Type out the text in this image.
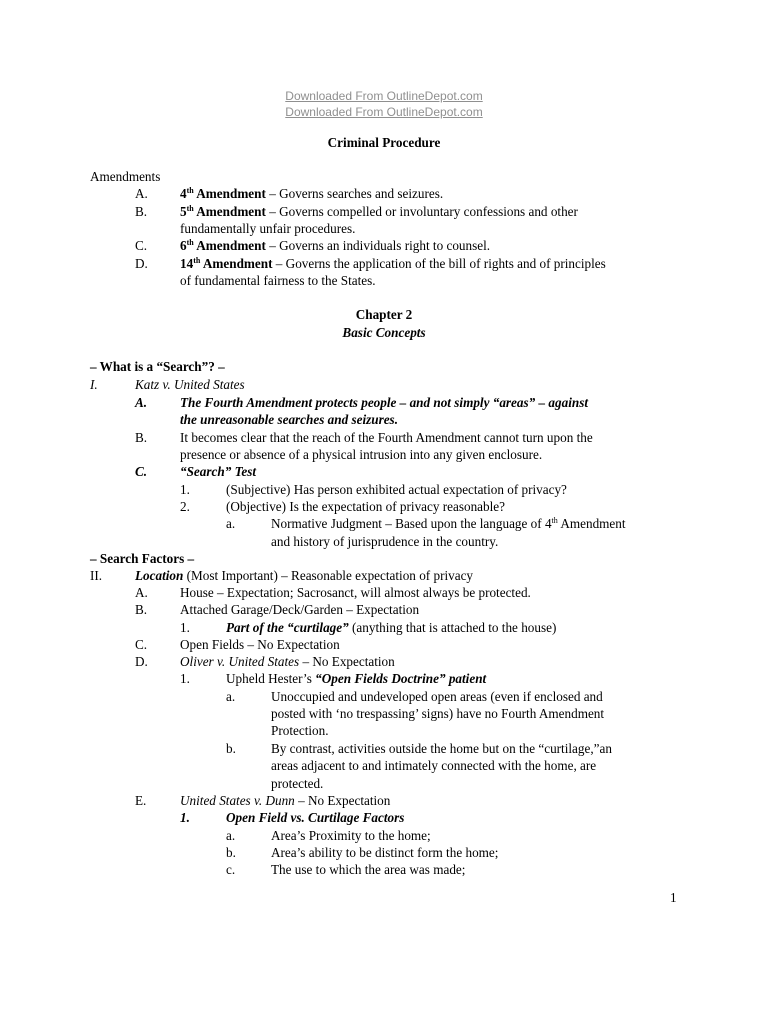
Downloaded From OutlineDepot.com
Downloaded From OutlineDepot.com
Criminal Procedure
Amendments
A. 4th Amendment – Governs searches and seizures.
B. 5th Amendment – Governs compelled or involuntary confessions and other
fundamentally unfair procedures.
C. 6th Amendment – Governs an individuals right to counsel.
D. 14th Amendment – Governs the application of the bill of rights and of principles
of fundamental fairness to the States.
Chapter 2
Basic Concepts
– What is a “Search”? –
I.	Katz v. United States
A. The Fourth Amendment protects people – and not simply “areas” – against
the unreasonable searches and seizures.
B. It becomes clear that the reach of the Fourth Amendment cannot turn upon the
presence or absence of a physical intrusion into any given enclosure.
C. “Search” Test
1.	(Subjective) Has person exhibited actual expectation of privacy?
2.	(Objective) Is the expectation of privacy reasonable?
a.	Normative Judgment – Based upon the language of 4th Amendment
and history of jurisprudence in the country.
– Search Factors –
II. Location (Most Important) – Reasonable expectation of privacy
A. House – Expectation; Sacrosanct, will almost always be protected.
B. Attached Garage/Deck/Garden – Expectation
1.	Part of the “curtilage” (anything that is attached to the house)
C. Open Fields – No Expectation
D. Oliver v. United States – No Expectation
1.	Upheld Hester’s “Open Fields Doctrine” patient
a.	Unoccupied and undeveloped open areas (even if enclosed and
posted with ‘no trespassing’ signs) have no Fourth Amendment
Protection.
b.	By contrast, activities outside the home but on the “curtilage,”an
areas adjacent to and intimately connected with the home, are
protected.
E.	United States v. Dunn – No Expectation
1.	Open Field vs. Curtilage Factors
a.	Area’s Proximity to the home;
b.	Area’s ability to be distinct form the home;
c.	The use to which the area was made;
1
